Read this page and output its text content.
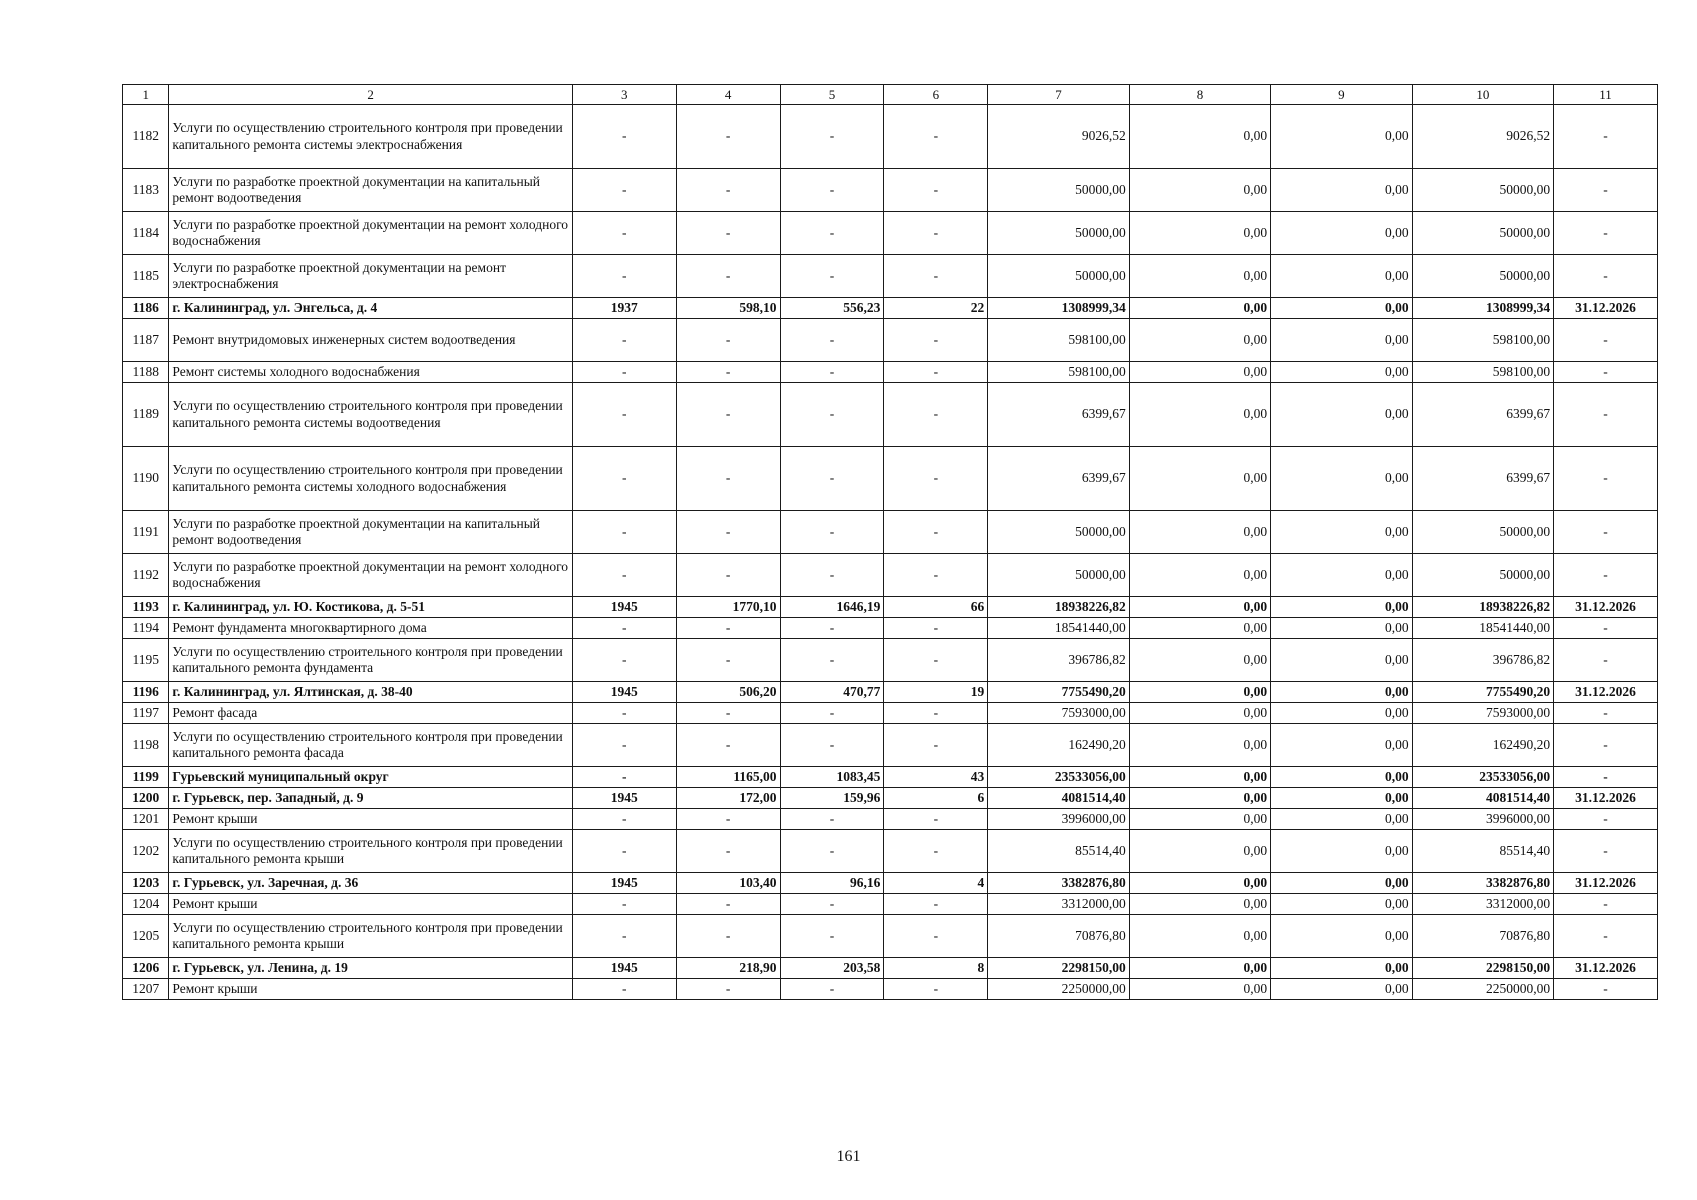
1	2	3	4	5	6	7	8	9	10	11
1182	Услуги по осуществлению строительного контроля при проведении капитального ремонта системы электроснабжения	-	-	-	-	9026,52	0,00	0,00	9026,52	-
1183	Услуги по разработке проектной документации на капитальный ремонт водоотведения	-	-	-	-	50000,00	0,00	0,00	50000,00	-
1184	Услуги по разработке проектной документации на ремонт холодного водоснабжения	-	-	-	-	50000,00	0,00	0,00	50000,00	-
1185	Услуги по разработке проектной документации на ремонт электроснабжения	-	-	-	-	50000,00	0,00	0,00	50000,00	-
1186	г. Калининград, ул. Энгельса, д. 4	1937	598,10	556,23	22	1308999,34	0,00	0,00	1308999,34	31.12.2026
1187	Ремонт внутридомовых инженерных систем водоотведения	-	-	-	-	598100,00	0,00	0,00	598100,00	-
1188	Ремонт системы холодного водоснабжения	-	-	-	-	598100,00	0,00	0,00	598100,00	-
1189	Услуги по осуществлению строительного контроля при проведении капитального ремонта системы водоотведения	-	-	-	-	6399,67	0,00	0,00	6399,67	-
1190	Услуги по осуществлению строительного контроля при проведении капитального ремонта системы холодного водоснабжения	-	-	-	-	6399,67	0,00	0,00	6399,67	-
1191	Услуги по разработке проектной документации на капитальный ремонт водоотведения	-	-	-	-	50000,00	0,00	0,00	50000,00	-
1192	Услуги по разработке проектной документации на ремонт холодного водоснабжения	-	-	-	-	50000,00	0,00	0,00	50000,00	-
1193	г. Калининград, ул. Ю. Костикова, д. 5-51	1945	1770,10	1646,19	66	18938226,82	0,00	0,00	18938226,82	31.12.2026
1194	Ремонт фундамента многоквартирного дома	-	-	-	-	18541440,00	0,00	0,00	18541440,00	-
1195	Услуги по осуществлению строительного контроля при проведении капитального ремонта фундамента	-	-	-	-	396786,82	0,00	0,00	396786,82	-
1196	г. Калининград, ул. Ялтинская, д. 38-40	1945	506,20	470,77	19	7755490,20	0,00	0,00	7755490,20	31.12.2026
1197	Ремонт фасада	-	-	-	-	7593000,00	0,00	0,00	7593000,00	-
1198	Услуги по осуществлению строительного контроля при проведении капитального ремонта фасада	-	-	-	-	162490,20	0,00	0,00	162490,20	-
1199	Гурьевский муниципальный округ	-	1165,00	1083,45	43	23533056,00	0,00	0,00	23533056,00	-
1200	г. Гурьевск, пер. Западный, д. 9	1945	172,00	159,96	6	4081514,40	0,00	0,00	4081514,40	31.12.2026
1201	Ремонт крыши	-	-	-	-	3996000,00	0,00	0,00	3996000,00	-
1202	Услуги по осуществлению строительного контроля при проведении капитального ремонта крыши	-	-	-	-	85514,40	0,00	0,00	85514,40	-
1203	г. Гурьевск, ул. Заречная, д. 36	1945	103,40	96,16	4	3382876,80	0,00	0,00	3382876,80	31.12.2026
1204	Ремонт крыши	-	-	-	-	3312000,00	0,00	0,00	3312000,00	-
1205	Услуги по осуществлению строительного контроля при проведении капитального ремонта крыши	-	-	-	-	70876,80	0,00	0,00	70876,80	-
1206	г. Гурьевск, ул. Ленина, д. 19	1945	218,90	203,58	8	2298150,00	0,00	0,00	2298150,00	31.12.2026
1207	Ремонт крыши	-	-	-	-	2250000,00	0,00	0,00	2250000,00	-
161
